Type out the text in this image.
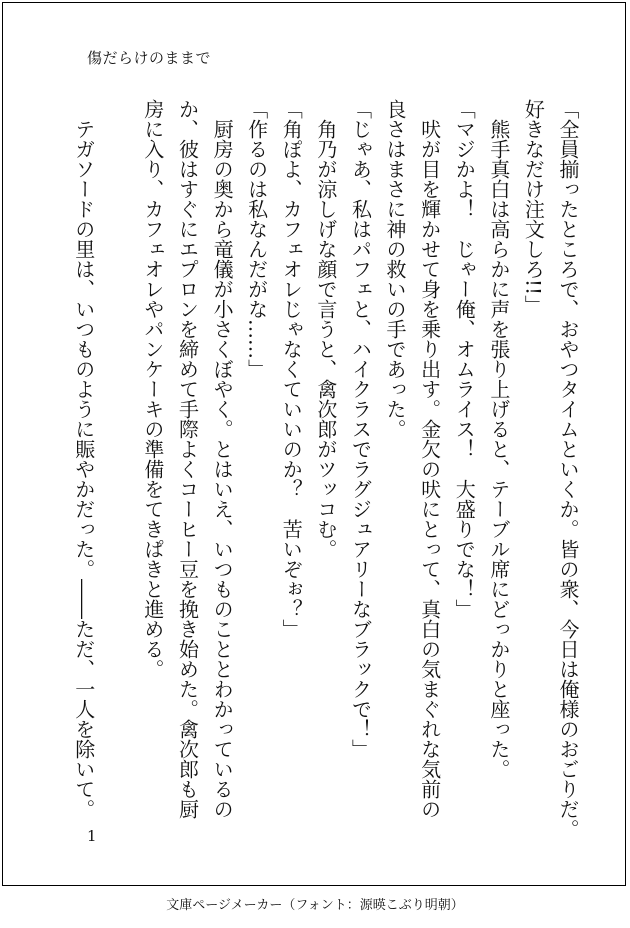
傷だらけのままで
「全員揃ったところで、おやつタイムといくか。皆の衆、今日は俺様のおごりだ。
好きなだけ注文しろ!!」
　熊手真白は高らかに声を張り上げると、テーブル席にどっかりと座った。
「マジかよ！　じゃー俺、オムライス！　大盛りでな！」
　吠が目を輝かせて身を乗り出す。金欠の吠にとって、真白の気まぐれな気前の
良さはまさに神の救いの手であった。
「じゃあ、私はパフェと、ハイクラスでラグジュアリーなブラックで！」
　角乃が涼しげな顔で言うと、禽次郎がツッコむ。
「角ぽよ、カフェオレじゃなくていいのか？　苦いぞぉ？」
「作るのは私なんだがな……」
　厨房の奥から竜儀が小さくぼやく。とはいえ、いつものこととわかっているの
か、彼はすぐにエプロンを締めて手際よくコーヒー豆を挽き始めた。禽次郎も厨
房に入り、カフェオレやパンケーキの準備をてきぱきと進める。

　テガソードの里は、いつものように賑やかだった。――ただ、一人を除いて。
1
文庫ページメーカー（フォント：源暎こぶり明朝）
